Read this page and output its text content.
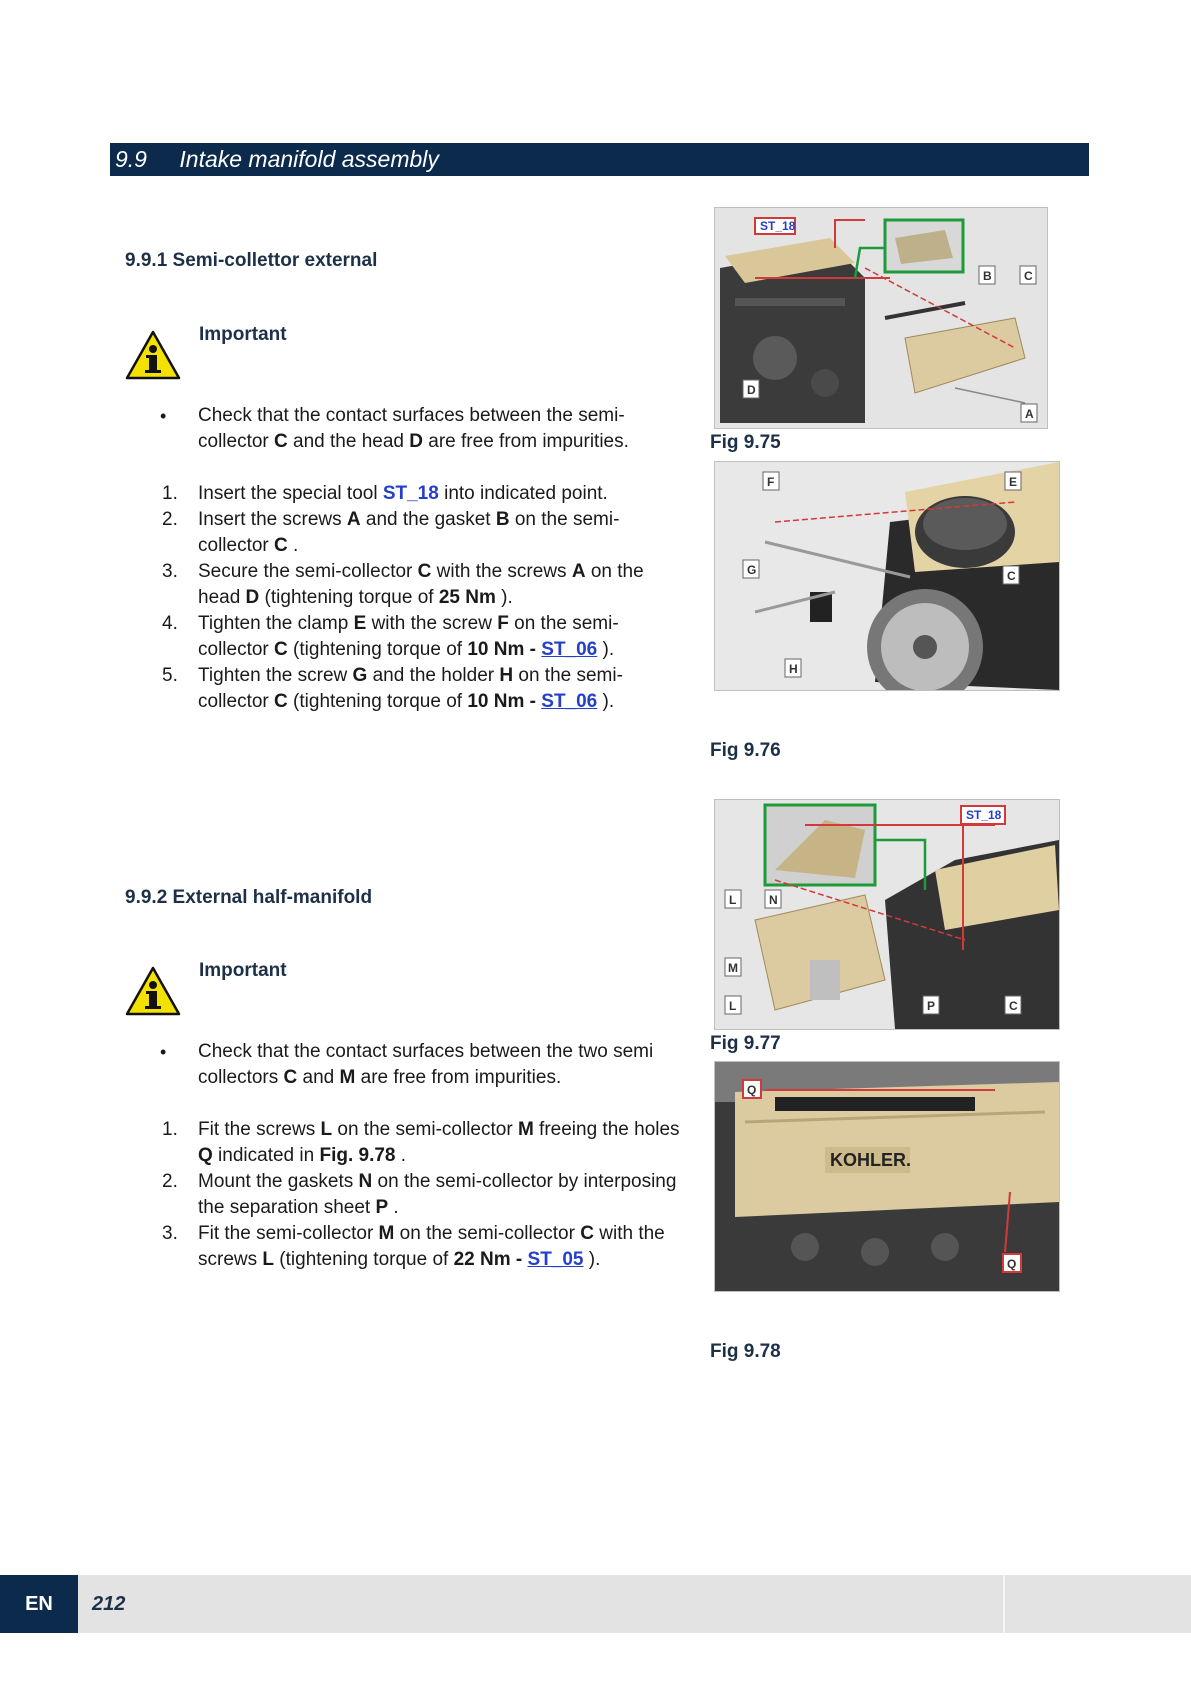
9.9 Intake manifold assembly
9.9.1 Semi-collettor external
Important

•	Check that the contact surfaces between the semi-collector C and the head D are free from impurities.

1.	Insert the special tool ST_18 into indicated point.

2.	Insert the screws A and the gasket B on the semi-collector C .

3.	Secure the semi-collector C with the screws A on the head D (tightening torque of 25 Nm ).

4.	Tighten the clamp E with the screw F on the semi-collector C (tightening torque of 10 Nm - ST_06 ).

5.	Tighten the screw G and the holder H on the semi-collector C (tightening torque of 10 Nm - ST_06 ).

9.9.2 External half-manifold
Important

•	Check that the contact surfaces between the two semi collectors C and M are free from impurities.

1.	Fit the screws L on the semi-collector M freeing the holes Q indicated in Fig. 9.78 .

2.	Mount the gaskets N on the semi-collector by interposing the separation sheet P .

3.	Fit the semi-collector M on the semi-collector C with the screws L (tightening torque of 22 Nm - ST_05 ).

ST_18
B	C
D
A
Fig 9.75
F	E
G	C
H
Fig 9.76
ST_18
L	N
M
L	P	C
Fig 9.77
KOHLER.
Q
Q
Fig 9.78
EN	212
